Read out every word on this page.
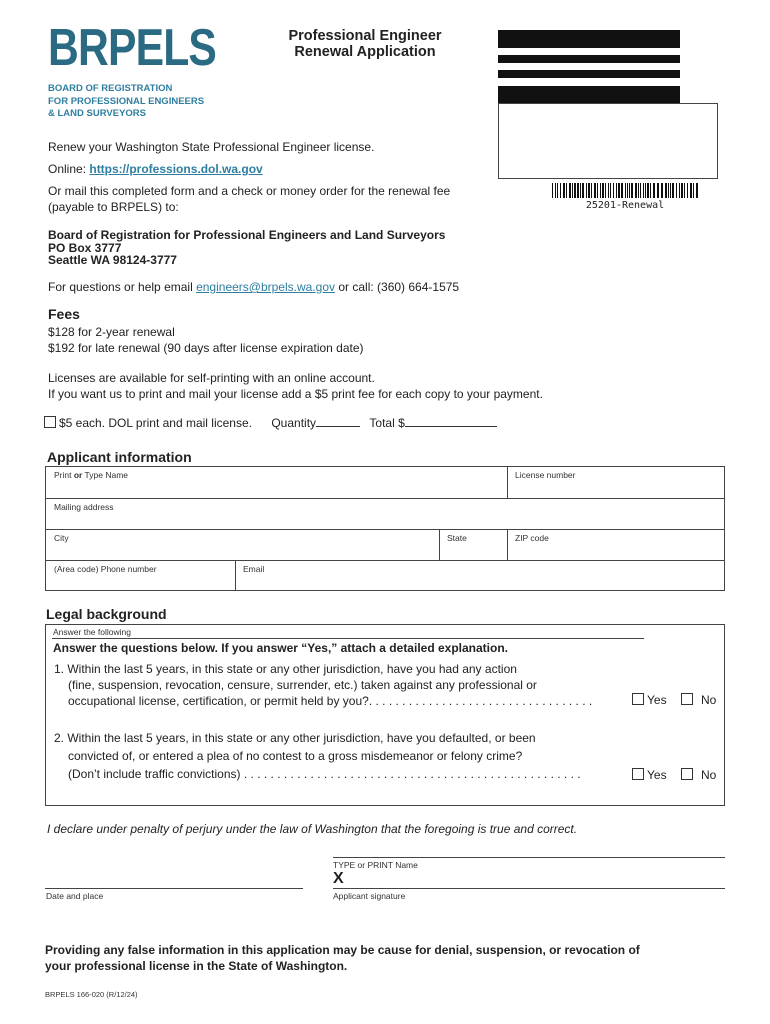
BRPELS
BOARD OF REGISTRATION
FOR PROFESSIONAL ENGINEERS
& LAND SURVEYORS
Professional Engineer
Renewal Application
25201-Renewal
Renew your Washington State Professional Engineer license.
Online: https://professions.dol.wa.gov
Or mail this completed form and a check or money order for the renewal fee
(payable to BRPELS) to:
Board of Registration for Professional Engineers and Land Surveyors
PO Box 3777
Seattle WA 98124-3777
For questions or help email engineers@brpels.wa.gov or call: (360) 664-1575
Fees
$128 for 2-year renewal
$192 for late renewal (90 days after license expiration date)
Licenses are available for self-printing with an online account.
If you want us to print and mail your license add a $5 print fee for each copy to your payment.
$5 each. DOL print and mail license. Quantity	Total $
Applicant information
Print or Type Name	License number
Mailing address
City	State	ZIP code
(Area code) Phone number	Email
Legal background
Answer the following
Answer the questions below. If you answer “Yes,” attach a detailed explanation.
1. Within the last 5 years, in this state or any other jurisdiction, have you had any action
(fine, suspension, revocation, censure, surrender, etc.) taken against any professional or
occupational license, certification, or permit held by you?. . . . . . . . . . . . . . . . . . . . . . . . . . . . . . . . . .	Yes	No
2. Within the last 5 years, in this state or any other jurisdiction, have you defaulted, or been
convicted of, or entered a plea of no contest to a gross misdemeanor or felony crime?
(Don’t include traffic convictions) . . . . . . . . . . . . . . . . . . . . . . . . . . . . . . . . . . . . . . . . . . . . . . . . . . .	Yes	No
I declare under penalty of perjury under the law of Washington that the foregoing is true and correct.
TYPE or PRINT Name
X
Date and place	Applicant signature
Providing any false information in this application may be cause for denial, suspension, or revocation of
your professional license in the State of Washington.
BRPELS 166-020 (R/12/24)
